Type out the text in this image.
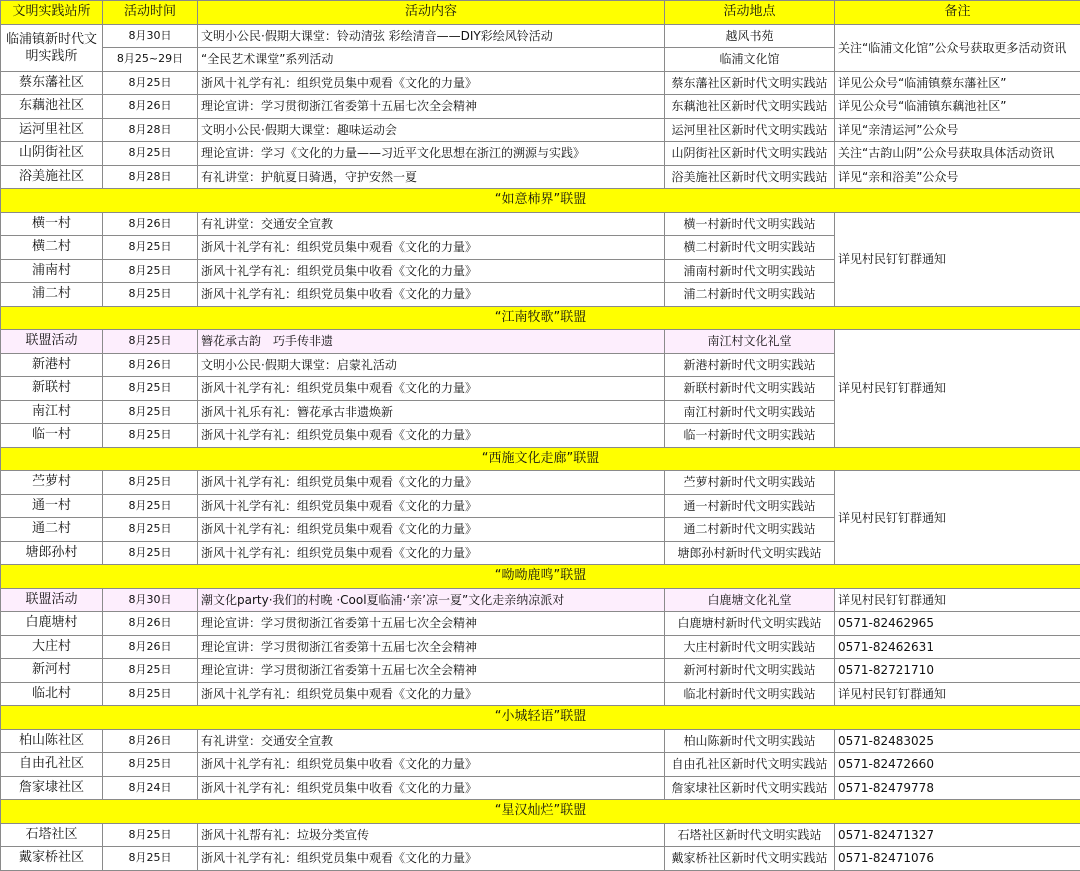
文明实践站所	活动时间	活动内容	活动地点	备注
临浦镇新时代文明实践所	8月30日	文明小公民·假期大课堂：铃动清弦 彩绘清音——DIY彩绘风铃活动	越风书苑	关注“临浦文化馆”公众号获取更多活动资讯
	8月25~29日	“全民艺术课堂”系列活动	临浦文化馆	
蔡东藩社区	8月25日	浙风十礼学有礼：组织党员集中观看《文化的力量》	蔡东藩社区新时代文明实践站	详见公众号“临浦镇蔡东藩社区”
东藕池社区	8月26日	理论宣讲：学习贯彻浙江省委第十五届七次全会精神	东藕池社区新时代文明实践站	详见公众号“临浦镇东藕池社区”
运河里社区	8月28日	文明小公民·假期大课堂：趣味运动会	运河里社区新时代文明实践站	详见“亲清运河”公众号
山阴街社区	8月25日	理论宣讲：学习《文化的力量——习近平文化思想在浙江的溯源与实践》	山阴街社区新时代文明实践站	关注“古韵山阴”公众号获取具体活动资讯
浴美施社区	8月28日	有礼讲堂：护航夏日骑遇，守护安然一夏	浴美施社区新时代文明实践站	详见“亲和浴美”公众号
“如意柿界”联盟				
横一村	8月26日	有礼讲堂：交通安全宣教	横一村新时代文明实践站	详见村民钉钉群通知
横二村	8月25日	浙风十礼学有礼：组织党员集中观看《文化的力量》	横二村新时代文明实践站	
浦南村	8月25日	浙风十礼学有礼：组织党员集中收看《文化的力量》	浦南村新时代文明实践站	
浦二村	8月25日	浙风十礼学有礼：组织党员集中收看《文化的力量》	浦二村新时代文明实践站	
“江南牧歌”联盟				
联盟活动	8月25日	簪花承古韵　巧手传非遗	南江村文化礼堂	详见村民钉钉群通知
新港村	8月26日	文明小公民·假期大课堂：启蒙礼活动	新港村新时代文明实践站	
新联村	8月25日	浙风十礼学有礼：组织党员集中观看《文化的力量》	新联村新时代文明实践站	
南江村	8月25日	浙风十礼乐有礼：簪花承古非遗焕新	南江村新时代文明实践站	
临一村	8月25日	浙风十礼学有礼：组织党员集中观看《文化的力量》	临一村新时代文明实践站	
“西施文化走廊”联盟				
苎萝村	8月25日	浙风十礼学有礼：组织党员集中观看《文化的力量》	苎萝村新时代文明实践站	详见村民钉钉群通知
通一村	8月25日	浙风十礼学有礼：组织党员集中观看《文化的力量》	通一村新时代文明实践站	
通二村	8月25日	浙风十礼学有礼：组织党员集中观看《文化的力量》	通二村新时代文明实践站	
塘郎孙村	8月25日	浙风十礼学有礼：组织党员集中观看《文化的力量》	塘郎孙村新时代文明实践站	
“呦呦鹿鸣”联盟				
联盟活动	8月30日	潮文化party·我们的村晚 ·Cool夏临浦·‘亲’凉一夏”文化走亲纳凉派对	白鹿塘文化礼堂	详见村民钉钉群通知
白鹿塘村	8月26日	理论宣讲：学习贯彻浙江省委第十五届七次全会精神	白鹿塘村新时代文明实践站	0571-82462965
大庄村	8月26日	理论宣讲：学习贯彻浙江省委第十五届七次全会精神	大庄村新时代文明实践站	0571-82462631
新河村	8月25日	理论宣讲：学习贯彻浙江省委第十五届七次全会精神	新河村新时代文明实践站	0571-82721710
临北村	8月25日	浙风十礼学有礼：组织党员集中观看《文化的力量》	临北村新时代文明实践站	详见村民钉钉群通知
“小城轻语”联盟				
柏山陈社区	8月26日	有礼讲堂：交通安全宣教	柏山陈新时代文明实践站	0571-82483025
自由孔社区	8月25日	浙风十礼学有礼：组织党员集中收看《文化的力量》	自由孔社区新时代文明实践站	0571-82472660
詹家埭社区	8月24日	浙风十礼学有礼：组织党员集中收看《文化的力量》	詹家埭社区新时代文明实践站	0571-82479778
“星汉灿烂”联盟				
石塔社区	8月25日	浙风十礼帮有礼：垃圾分类宣传	石塔社区新时代文明实践站	0571-82471327
戴家桥社区	8月25日	浙风十礼学有礼：组织党员集中观看《文化的力量》	戴家桥社区新时代文明实践站	0571-82471076
